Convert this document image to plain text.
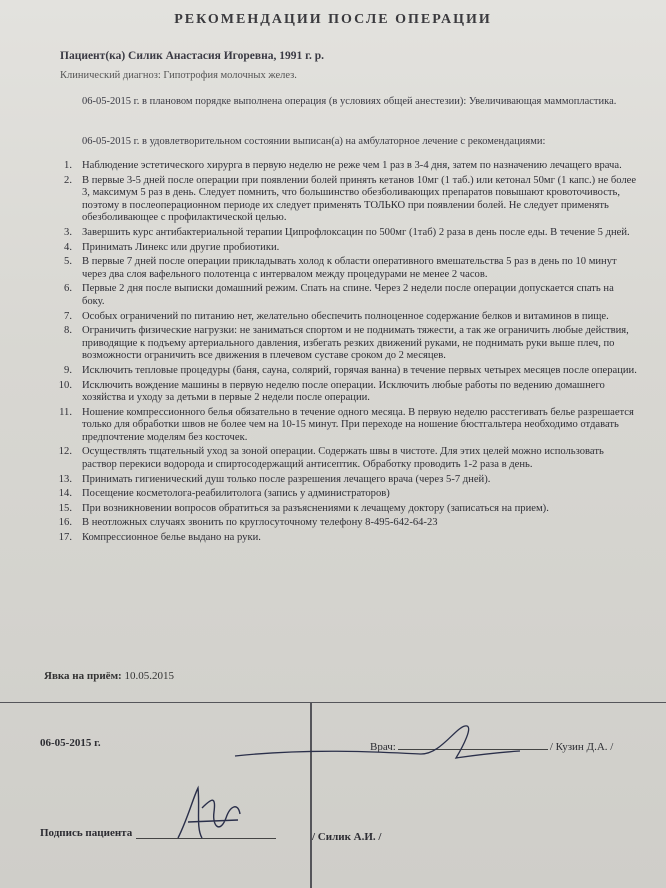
РЕКОМЕНДАЦИИ ПОСЛЕ ОПЕРАЦИИ
Пациент(ка) Силик Анастасия Игоревна, 1991 г. р.
Клинический диагноз: Гипотрофия молочных желез.
06-05-2015 г. в плановом порядке выполнена операция (в условиях общей анестезии): Увеличивающая маммопластика.
06-05-2015 г. в удовлетворительном состоянии выписан(а) на амбулаторное лечение с рекомендациями:
1. Наблюдение эстетического хирурга в первую неделю не реже чем 1 раз в 3-4 дня, затем по назначению лечащего врача.
2. В первые 3-5 дней после операции при появлении болей принять кетанов 10мг (1 таб.) или кетонал 50мг (1 капс.) не более 3, максимум 5 раз в день. Следует помнить, что большинство обезболивающих препаратов повышают кровоточивость, поэтому в послеоперационном периоде их следует применять ТОЛЬКО при появлении болей. Не следует применять обезболивающее с профилактической целью.
3. Завершить курс антибактериальной терапии Ципрофлоксацин по 500мг (1таб) 2 раза в день после еды. В течение 5 дней.
4. Принимать Линекс или другие пробиотики.
5. В первые 7 дней после операции прикладывать холод к области оперативного вмешательства 5 раз в день по 10 минут через два слоя вафельного полотенца с интервалом между процедурами не менее 2 часов.
6. Первые 2 дня после выписки домашний режим. Спать на спине. Через 2 недели после операции допускается спать на боку.
7. Особых ограничений по питанию нет, желательно обеспечить полноценное содержание белков и витаминов в пище.
8. Ограничить физические нагрузки: не заниматься спортом и не поднимать тяжести, а так же ограничить любые действия, приводящие к подъему артериального давления, избегать резких движений руками, не поднимать руки выше плеч, по возможности ограничить все движения в плечевом суставе сроком до 2 месяцев.
9. Исключить тепловые процедуры (баня, сауна, солярий, горячая ванна) в течение первых четырех месяцев после операции.
10. Исключить вождение машины в первую неделю после операции. Исключить любые работы по ведению домашнего хозяйства и уходу за детьми в первые 2 недели после операции.
11. Ношение компрессионного белья обязательно в течение одного месяца. В первую неделю расстегивать белье разрешается только для обработки швов не более чем на 10-15 минут. При переходе на ношение бюстгальтера необходимо отдавать предпочтение моделям без косточек.
12. Осуществлять тщательный уход за зоной операции. Содержать швы в чистоте. Для этих целей можно использовать раствор перекиси водорода и спиртосодержащий антисептик. Обработку проводить 1-2 раза в день.
13. Принимать гигиенический душ только после разрешения лечащего врача (через 5-7 дней).
14. Посещение косметолога-реабилитолога (запись у администраторов)
15. При возникновении вопросов обратиться за разъяснениями к лечащему доктору (записаться на прием).
16. В неотложных случаях звонить по круглосуточному телефону 8-495-642-64-23
17. Компрессионное белье выдано на руки.
Явка на приём: 10.05.2015
06-05-2015 г.	Врач:	/ Кузин Д.А. /
Подпись пациента	/ Силик А.И. /
